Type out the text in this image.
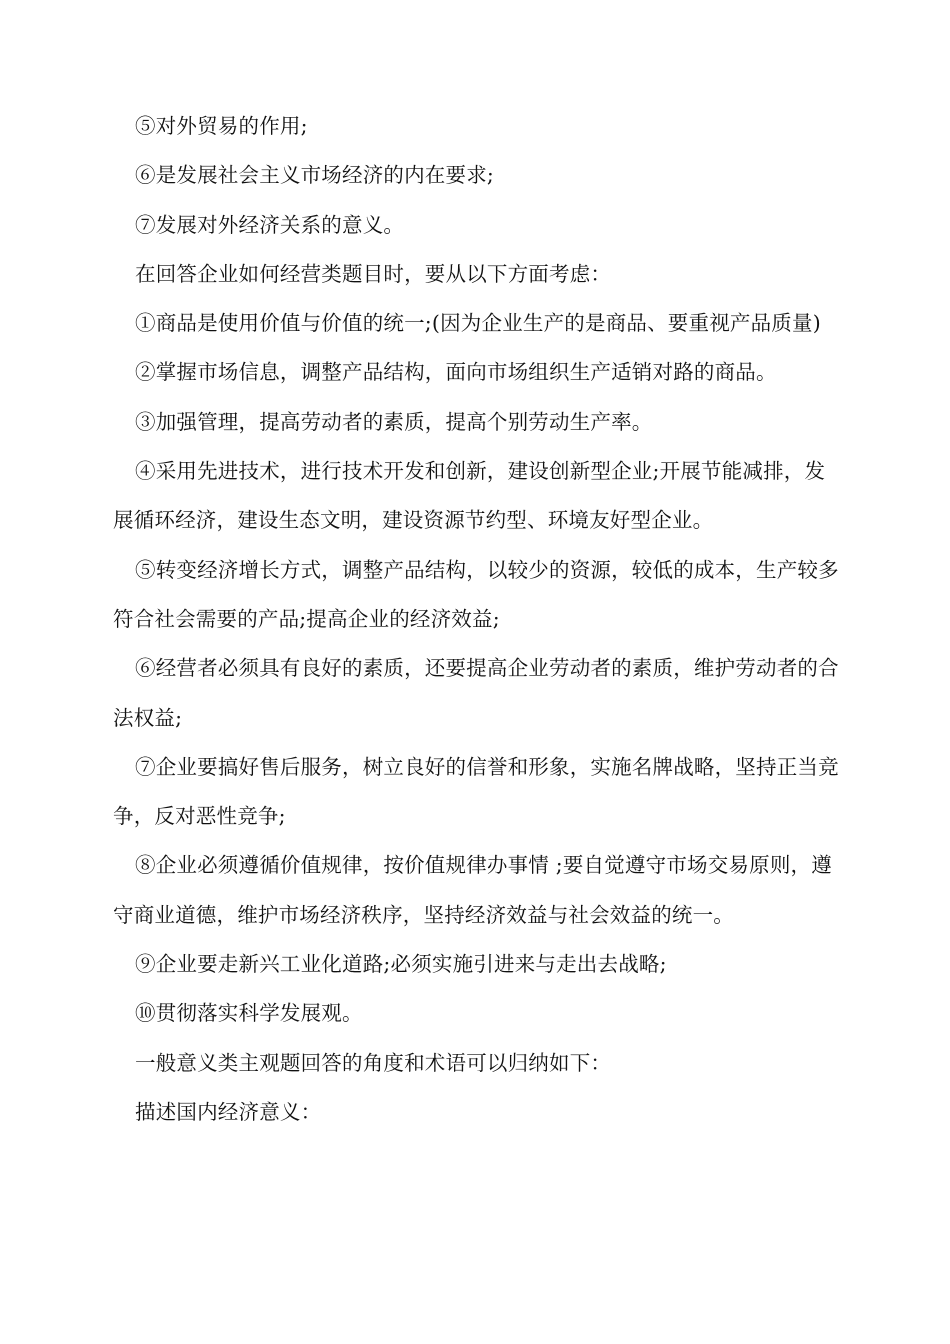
⑤对外贸易的作用;

⑥是发展社会主义市场经济的内在要求;

⑦发展对外经济关系的意义。

在回答企业如何经营类题目时，要从以下方面考虑：

①商品是使用价值与价值的统一;(因为企业生产的是商品、要重视产品质量)

②掌握市场信息，调整产品结构，面向市场组织生产适销对路的商品。

③加强管理，提高劳动者的素质，提高个别劳动生产率。

④采用先进技术，进行技术开发和创新，建设创新型企业;开展节能减排，发展循环经济，建设生态文明，建设资源节约型、环境友好型企业。

⑤转变经济增长方式，调整产品结构，以较少的资源，较低的成本，生产较多符合社会需要的产品;提高企业的经济效益;

⑥经营者必须具有良好的素质，还要提高企业劳动者的素质，维护劳动者的合法权益;

⑦企业要搞好售后服务，树立良好的信誉和形象，实施名牌战略，坚持正当竞争，反对恶性竞争;

⑧企业必须遵循价值规律，按价值规律办事情 ;要自觉遵守市场交易原则，遵守商业道德，维护市场经济秩序，坚持经济效益与社会效益的统一。

⑨企业要走新兴工业化道路;必须实施引进来与走出去战略;

⑩贯彻落实科学发展观。

一般意义类主观题回答的角度和术语可以归纳如下：

描述国内经济意义：
